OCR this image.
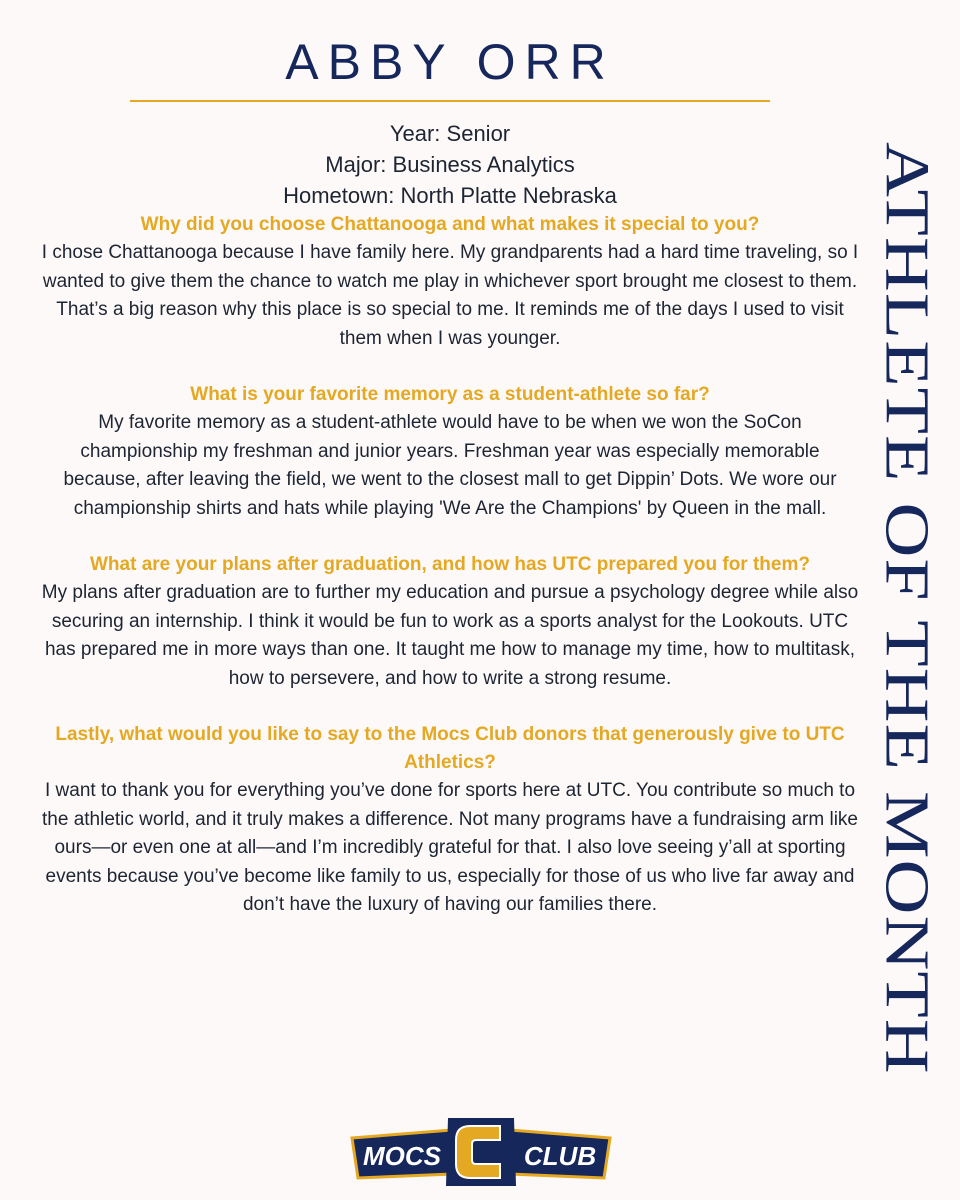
ABBY ORR
Year: Senior
Major: Business Analytics
Hometown: North Platte Nebraska

Why did you choose Chattanooga and what makes it special to you?

I chose Chattanooga because I have family here. My grandparents had a hard time traveling, so I wanted to give them the chance to watch me play in whichever sport brought me closest to them. That’s a big reason why this place is so special to me. It reminds me of the days I used to visit them when I was younger.

What is your favorite memory as a student-athlete so far?

My favorite memory as a student-athlete would have to be when we won the SoCon championship my freshman and junior years. Freshman year was especially memorable because, after leaving the field, we went to the closest mall to get Dippin’ Dots. We wore our championship shirts and hats while playing 'We Are the Champions' by Queen in the mall.

What are your plans after graduation, and how has UTC prepared you for them?

My plans after graduation are to further my education and pursue a psychology degree while also securing an internship. I think it would be fun to work as a sports analyst for the Lookouts. UTC has prepared me in more ways than one. It taught me how to manage my time, how to multitask, how to persevere, and how to write a strong resume.

Lastly, what would you like to say to the Mocs Club donors that generously give to UTC Athletics?

I want to thank you for everything you’ve done for sports here at UTC. You contribute so much to the athletic world, and it truly makes a difference. Not many programs have a fundraising arm like ours—or even one at all—and I’m incredibly grateful for that. I also love seeing y’all at sporting events because you’ve become like family to us, especially for those of us who live far away and don’t have the luxury of having our families there.	ATHLETE OF THE MONTH
MOCS	CLUB
